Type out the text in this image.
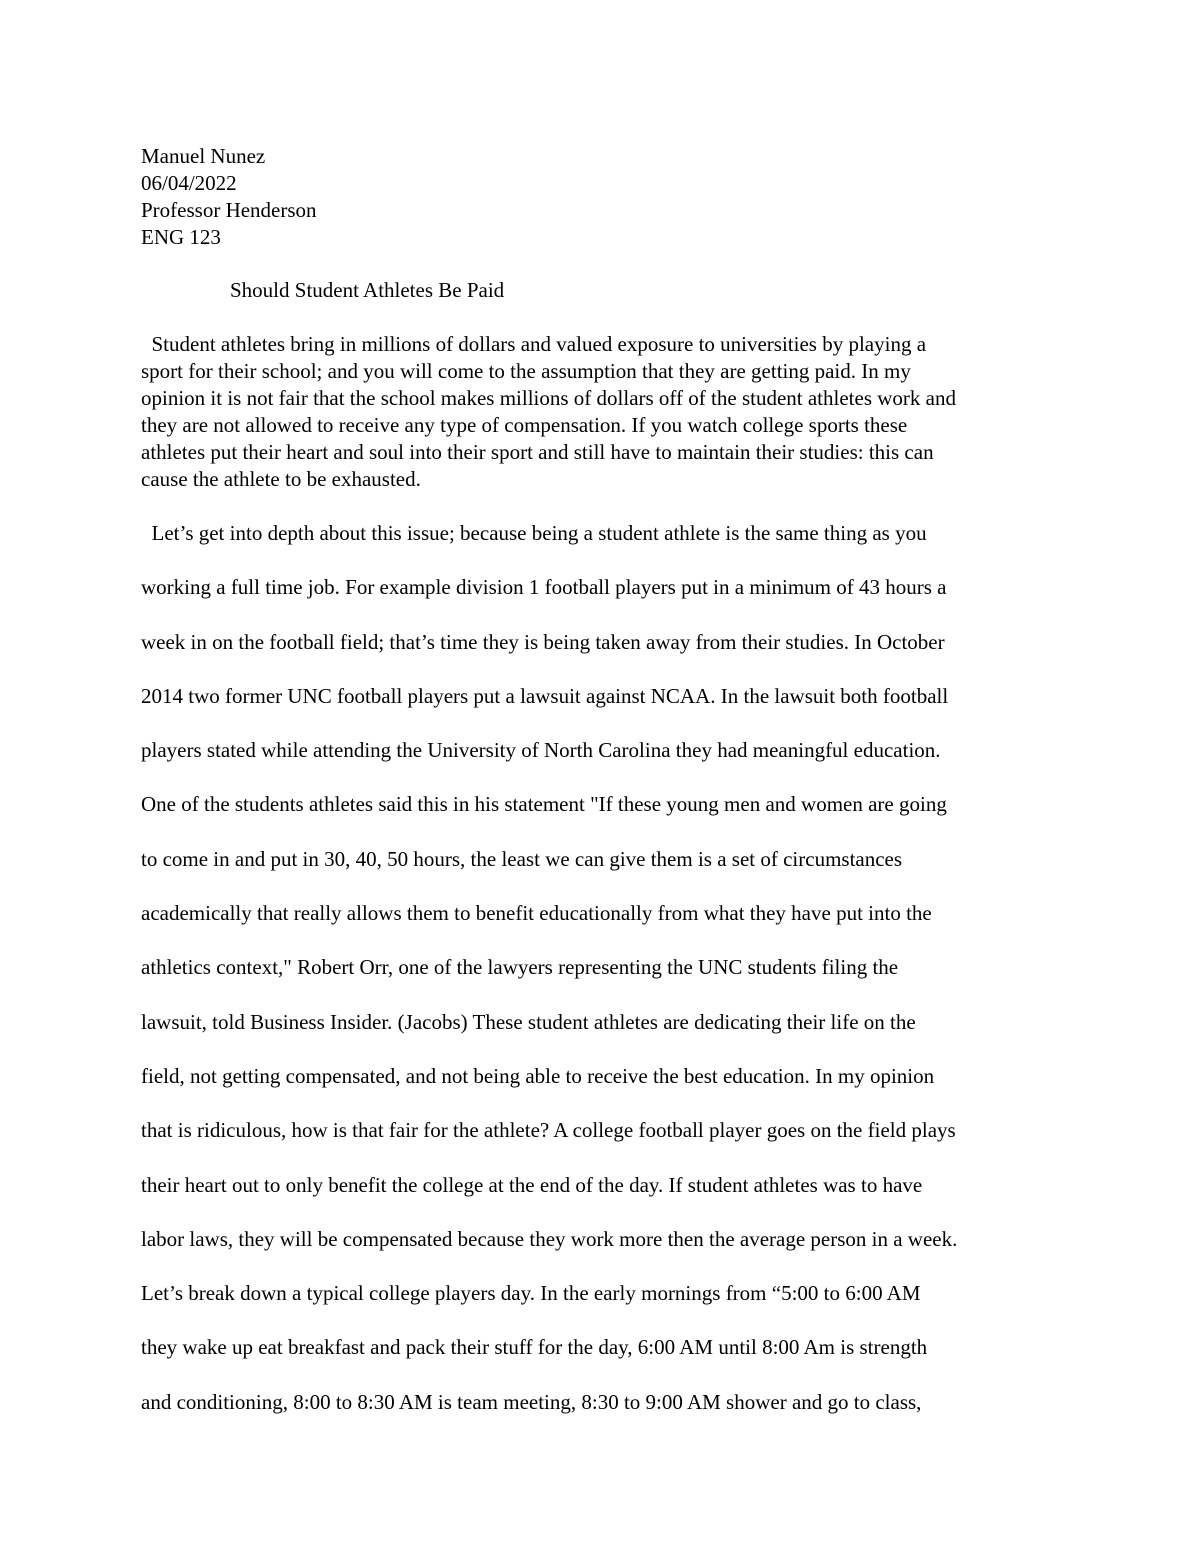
Manuel Nunez
06/04/2022
Professor Henderson
ENG 123
Should Student Athletes Be Paid
Student athletes bring in millions of dollars and valued exposure to universities by playing a
sport for their school; and you will come to the assumption that they are getting paid. In my
opinion it is not fair that the school makes millions of dollars off of the student athletes work and
they are not allowed to receive any type of compensation. If you watch college sports these
athletes put their heart and soul into their sport and still have to maintain their studies: this can
cause the athlete to be exhausted.
Let’s get into depth about this issue; because being a student athlete is the same thing as you
working a full time job. For example division 1 football players put in a minimum of 43 hours a
week in on the football field; that’s time they is being taken away from their studies. In October
2014 two former UNC football players put a lawsuit against NCAA. In the lawsuit both football
players stated while attending the University of North Carolina they had meaningful education.
One of the students athletes said this in his statement "If these young men and women are going
to come in and put in 30, 40, 50 hours, the least we can give them is a set of circumstances
academically that really allows them to benefit educationally from what they have put into the
athletics context," Robert Orr, one of the lawyers representing the UNC students filing the
lawsuit, told Business Insider. (Jacobs) These student athletes are dedicating their life on the
field, not getting compensated, and not being able to receive the best education. In my opinion
that is ridiculous, how is that fair for the athlete? A college football player goes on the field plays
their heart out to only benefit the college at the end of the day. If student athletes was to have
labor laws, they will be compensated because they work more then the average person in a week.
Let’s break down a typical college players day. In the early mornings from “5:00 to 6:00 AM
they wake up eat breakfast and pack their stuff for the day, 6:00 AM until 8:00 Am is strength
and conditioning, 8:00 to 8:30 AM is team meeting, 8:30 to 9:00 AM shower and go to class,
